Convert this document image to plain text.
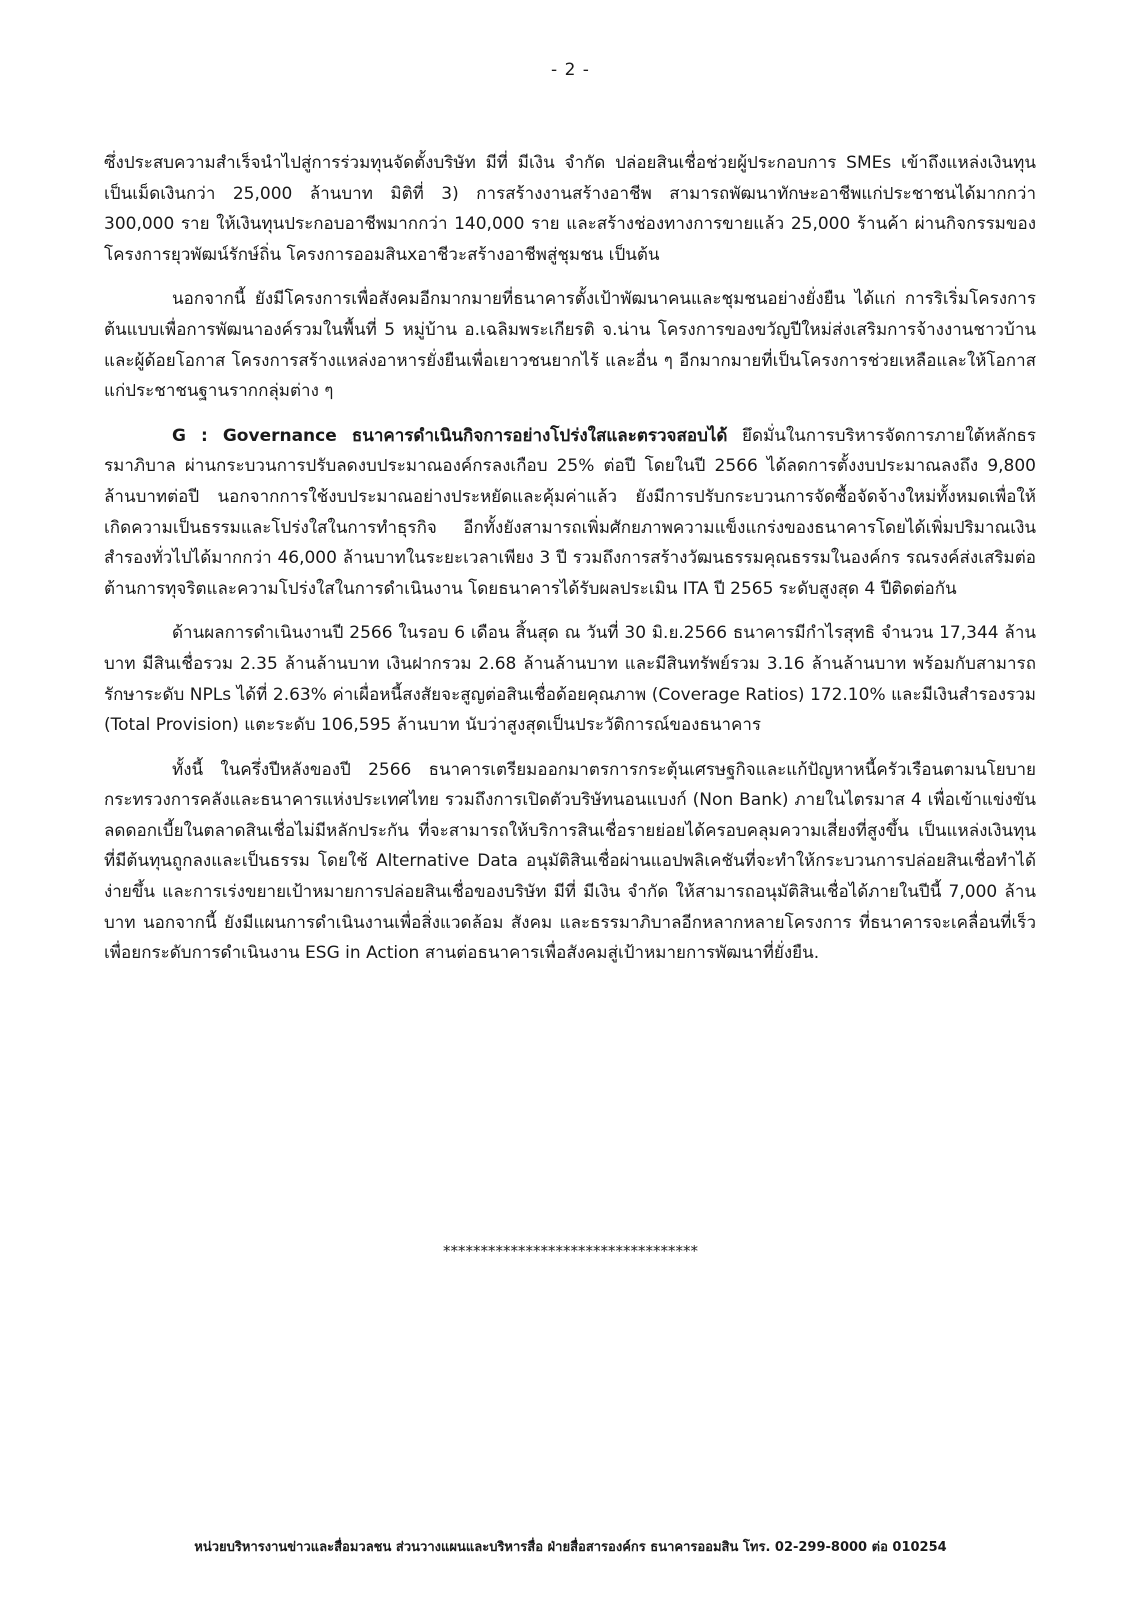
- 2 -

ซึ่งประสบความสำเร็จนำไปสู่การร่วมทุนจัดตั้งบริษัท มีที่ มีเงิน จำกัด ปล่อยสินเชื่อช่วยผู้ประกอบการ SMEs เข้าถึงแหล่งเงินทุนเป็นเม็ดเงินกว่า 25,000 ล้านบาท มิติที่ 3) การสร้างงานสร้างอาชีพ สามารถพัฒนาทักษะอาชีพแก่ประชาชนได้มากกว่า 300,000 ราย ให้เงินทุนประกอบอาชีพมากกว่า 140,000 ราย และสร้างช่องทางการขายแล้ว 25,000 ร้านค้า ผ่านกิจกรรมของโครงการยุวพัฒน์รักษ์ถิ่น โครงการออมสินxอาชีวะสร้างอาชีพสู่ชุมชน เป็นต้น

นอกจากนี้ ยังมีโครงการเพื่อสังคมอีกมากมายที่ธนาคารตั้งเป้าพัฒนาคนและชุมชนอย่างยั่งยืน ได้แก่ การริเริ่มโครงการต้นแบบเพื่อการพัฒนาองค์รวมในพื้นที่ 5 หมู่บ้าน อ.เฉลิมพระเกียรติ จ.น่าน โครงการของขวัญปีใหม่ส่งเสริมการจ้างงานชาวบ้านและผู้ด้อยโอกาส โครงการสร้างแหล่งอาหารยั่งยืนเพื่อเยาวชนยากไร้ และอื่น ๆ อีกมากมายที่เป็นโครงการช่วยเหลือและให้โอกาสแก่ประชาชนฐานรากกลุ่มต่าง ๆ

G : Governance ธนาคารดำเนินกิจการอย่างโปร่งใสและตรวจสอบได้ ยึดมั่นในการบริหารจัดการภายใต้หลักธรรมาภิบาล ผ่านกระบวนการปรับลดงบประมาณองค์กรลงเกือบ 25% ต่อปี โดยในปี 2566 ได้ลดการตั้งงบประมาณลงถึง 9,800 ล้านบาทต่อปี นอกจากการใช้งบประมาณอย่างประหยัดและคุ้มค่าแล้ว ยังมีการปรับกระบวนการจัดซื้อจัดจ้างใหม่ทั้งหมดเพื่อให้เกิดความเป็นธรรมและโปร่งใสในการทำธุรกิจ อีกทั้งยังสามารถเพิ่มศักยภาพความแข็งแกร่งของธนาคารโดยได้เพิ่มปริมาณเงินสำรองทั่วไปได้มากกว่า 46,000 ล้านบาทในระยะเวลาเพียง 3 ปี รวมถึงการสร้างวัฒนธรรมคุณธรรมในองค์กร รณรงค์ส่งเสริมต่อต้านการทุจริตและความโปร่งใสในการดำเนินงาน โดยธนาคารได้รับผลประเมิน ITA ปี 2565 ระดับสูงสุด 4 ปีติดต่อกัน

ด้านผลการดำเนินงานปี 2566 ในรอบ 6 เดือน สิ้นสุด ณ วันที่ 30 มิ.ย.2566 ธนาคารมีกำไรสุทธิ จำนวน 17,344 ล้านบาท มีสินเชื่อรวม 2.35 ล้านล้านบาท เงินฝากรวม 2.68 ล้านล้านบาท และมีสินทรัพย์รวม 3.16 ล้านล้านบาท พร้อมกับสามารถรักษาระดับ NPLs ได้ที่ 2.63% ค่าเผื่อหนี้สงสัยจะสูญต่อสินเชื่อด้อยคุณภาพ (Coverage Ratios) 172.10% และมีเงินสำรองรวม (Total Provision) แตะระดับ 106,595 ล้านบาท นับว่าสูงสุดเป็นประวัติการณ์ของธนาคาร

ทั้งนี้ ในครึ่งปีหลังของปี 2566 ธนาคารเตรียมออกมาตรการกระตุ้นเศรษฐกิจและแก้ปัญหาหนี้ครัวเรือนตามนโยบายกระทรวงการคลังและธนาคารแห่งประเทศไทย รวมถึงการเปิดตัวบริษัทนอนแบงก์ (Non Bank) ภายในไตรมาส 4 เพื่อเข้าแข่งขันลดดอกเบี้ยในตลาดสินเชื่อไม่มีหลักประกัน ที่จะสามารถให้บริการสินเชื่อรายย่อยได้ครอบคลุมความเสี่ยงที่สูงขึ้น เป็นแหล่งเงินทุนที่มีต้นทุนถูกลงและเป็นธรรม โดยใช้ Alternative Data อนุมัติสินเชื่อผ่านแอปพลิเคชันที่จะทำให้กระบวนการปล่อยสินเชื่อทำได้ง่ายขึ้น และการเร่งขยายเป้าหมายการปล่อยสินเชื่อของบริษัท มีที่ มีเงิน จำกัด ให้สามารถอนุมัติสินเชื่อได้ภายในปีนี้ 7,000 ล้านบาท นอกจากนี้ ยังมีแผนการดำเนินงานเพื่อสิ่งแวดล้อม สังคม และธรรมาภิบาลอีกหลากหลายโครงการ ที่ธนาคารจะเคลื่อนที่เร็วเพื่อยกระดับการดำเนินงาน ESG in Action สานต่อธนาคารเพื่อสังคมสู่เป้าหมายการพัฒนาที่ยั่งยืน.

**********************************
หน่วยบริหารงานข่าวและสื่อมวลชน ส่วนวางแผนและบริหารสื่อ ฝ่ายสื่อสารองค์กร ธนาคารออมสิน โทร. 02-299-8000 ต่อ 010254
